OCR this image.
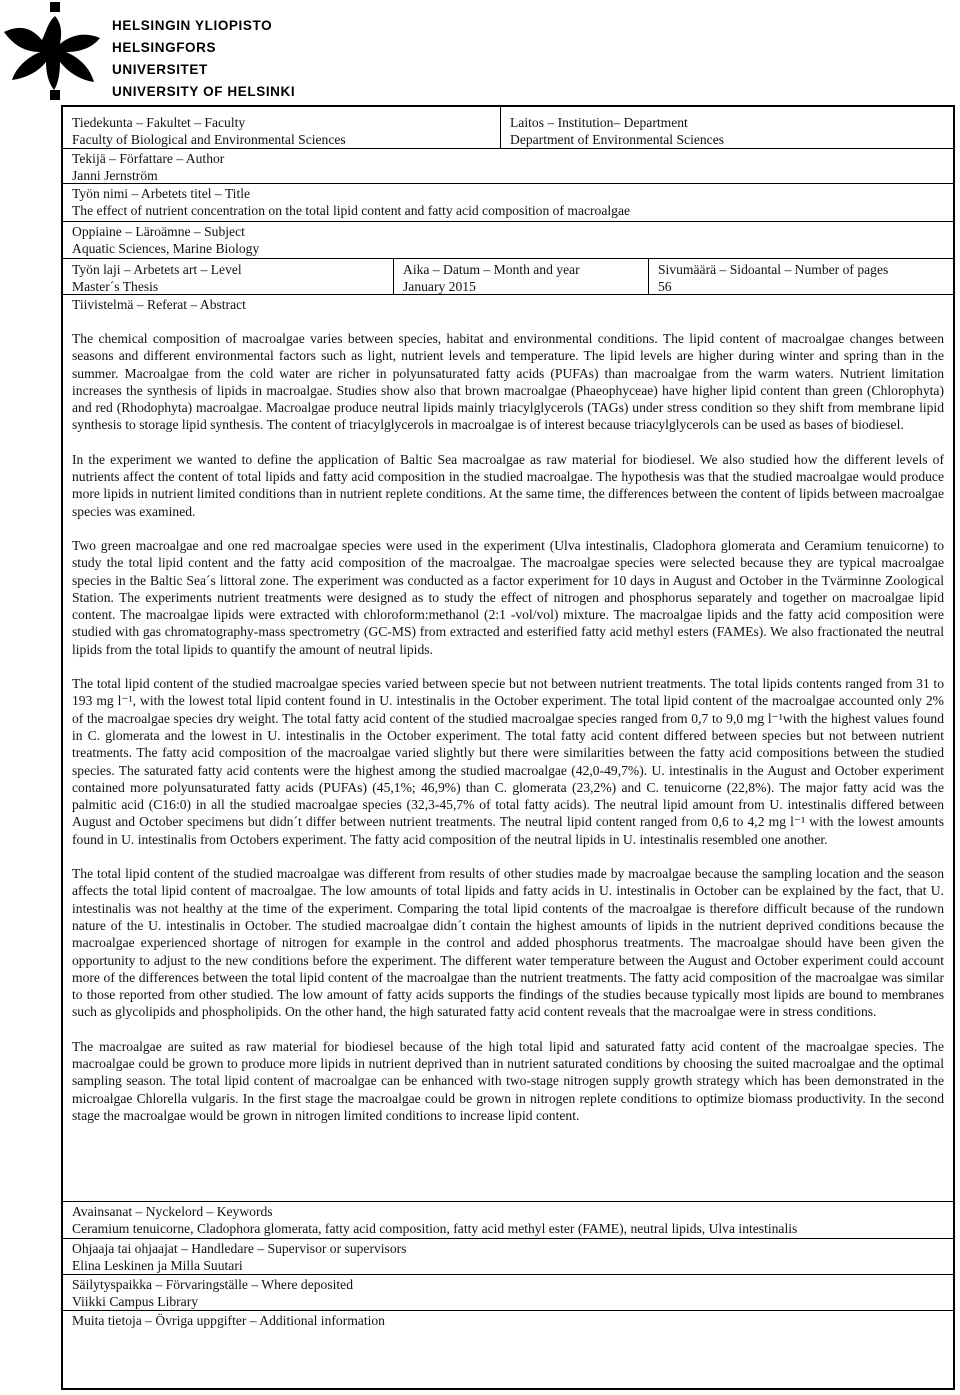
HELSINGIN YLIOPISTO
HELSINGFORS UNIVERSITET
UNIVERSITY OF HELSINKI
Tiedekunta – Fakultet – Faculty
Faculty of Biological and Environmental Sciences
Laitos – Institution– Department
Department of Environmental Sciences
Tekijä – Författare – Author
Janni Jernström
Työn nimi – Arbetets titel – Title
The effect of nutrient concentration on the total lipid content and fatty acid composition of macroalgae
Oppiaine – Läroämne – Subject
Aquatic Sciences, Marine Biology
Työn laji – Arbetets art – Level
Master´s Thesis
Aika – Datum – Month and year
January 2015
Sivumäärä – Sidoantal – Number of pages
56
Tiivistelmä – Referat – Abstract

The chemical composition of macroalgae varies between species, habitat and environmental conditions. The lipid content of macroalgae changes between seasons and different environmental factors such as light, nutrient levels and temperature. The lipid levels are higher during winter and spring than in the summer. Macroalgae from the cold water are richer in polyunsaturated fatty acids (PUFAs) than macroalgae from the warm waters. Nutrient limitation increases the synthesis of lipids in macroalgae. Studies show also that brown macroalgae (Phaeophyceae) have higher lipid content than green (Chlorophyta) and red (Rhodophyta) macroalgae. Macroalgae produce neutral lipids mainly triacylglycerols (TAGs) under stress condition so they shift from membrane lipid synthesis to storage lipid synthesis. The content of triacylglycerols in macroalgae is of interest because triacylglycerols can be used as bases of biodiesel.

In the experiment we wanted to define the application of Baltic Sea macroalgae as raw material for biodiesel. We also studied how the different levels of nutrients affect the content of total lipids and fatty acid composition in the studied macroalgae. The hypothesis was that the studied macroalgae would produce more lipids in nutrient limited conditions than in nutrient replete conditions. At the same time, the differences between the content of lipids between macroalgae species was examined.

Two green macroalgae and one red macroalgae species were used in the experiment (Ulva intestinalis, Cladophora glomerata and Ceramium tenuicorne) to study the total lipid content and the fatty acid composition of the macroalgae. The macroalgae species were selected because they are typical macroalgae species in the Baltic Sea´s littoral zone. The experiment was conducted as a factor experiment for 10 days in August and October in the Tvärminne Zoological Station. The experiments nutrient treatments were designed as to study the effect of nitrogen and phosphorus separately and together on macroalgae lipid content. The macroalgae lipids were extracted with chloroform:methanol (2:1 -vol/vol) mixture. The macroalgae lipids and the fatty acid composition were studied with gas chromatography-mass spectrometry (GC-MS) from extracted and esterified fatty acid methyl esters (FAMEs). We also fractionated the neutral lipids from the total lipids to quantify the amount of neutral lipids.

The total lipid content of the studied macroalgae species varied between specie but not between nutrient treatments. The total lipids contents ranged from 31 to 193 mg l⁻¹, with the lowest total lipid content found in U. intestinalis in the October experiment. The total lipid content of the macroalgae accounted only 2% of the macroalgae species dry weight. The total fatty acid content of the studied macroalgae species ranged from 0,7 to 9,0 mg l⁻¹with the highest values found in C. glomerata and the lowest in U. intestinalis in the October experiment. The total fatty acid content differed between species but not between nutrient treatments. The fatty acid composition of the macroalgae varied slightly but there were similarities between the fatty acid compositions between the studied species. The saturated fatty acid contents were the highest among the studied macroalgae (42,0-49,7%). U. intestinalis in the August and October experiment contained more polyunsaturated fatty acids (PUFAs) (45,1%; 46,9%) than C. glomerata (23,2%) and C. tenuicorne (22,8%). The major fatty acid was the palmitic acid (C16:0) in all the studied macroalgae species (32,3-45,7% of total fatty acids). The neutral lipid amount from U. intestinalis differed between August and October specimens but didn´t differ between nutrient treatments. The neutral lipid content ranged from 0,6 to 4,2 mg l⁻¹ with the lowest amounts found in U. intestinalis from Octobers experiment. The fatty acid composition of the neutral lipids in U. intestinalis resembled one another.

The total lipid content of the studied macroalgae was different from results of other studies made by macroalgae because the sampling location and the season affects the total lipid content of macroalgae. The low amounts of total lipids and fatty acids in U. intestinalis in October can be explained by the fact, that U. intestinalis was not healthy at the time of the experiment. Comparing the total lipid contents of the macroalgae is therefore difficult because of the rundown nature of the U. intestinalis in October. The studied macroalgae didn´t contain the highest amounts of lipids in the nutrient deprived conditions because the macroalgae experienced shortage of nitrogen for example in the control and added phosphorus treatments. The macroalgae should have been given the opportunity to adjust to the new conditions before the experiment. The different water temperature between the August and October experiment could account more of the differences between the total lipid content of the macroalgae than the nutrient treatments. The fatty acid composition of the macroalgae was similar to those reported from other studied. The low amount of fatty acids supports the findings of the studies because typically most lipids are bound to membranes such as glycolipids and phospholipids. On the other hand, the high saturated fatty acid content reveals that the macroalgae were in stress conditions.

The macroalgae are suited as raw material for biodiesel because of the high total lipid and saturated fatty acid content of the macroalgae species. The macroalgae could be grown to produce more lipids in nutrient deprived than in nutrient saturated conditions by choosing the suited macroalgae and the optimal sampling season. The total lipid content of macroalgae can be enhanced with two-stage nitrogen supply growth strategy which has been demonstrated in the microalgae Chlorella vulgaris. In the first stage the macroalgae could be grown in nitrogen replete conditions to optimize biomass productivity. In the second stage the macroalgae would be grown in nitrogen limited conditions to increase lipid content.

Avainsanat – Nyckelord – Keywords
Ceramium tenuicorne, Cladophora glomerata, fatty acid composition, fatty acid methyl ester (FAME), neutral lipids, Ulva intestinalis
Ohjaaja tai ohjaajat – Handledare – Supervisor or supervisors
Elina Leskinen ja Milla Suutari
Säilytyspaikka – Förvaringställe – Where deposited
Viikki Campus Library
Muita tietoja – Övriga uppgifter – Additional information
